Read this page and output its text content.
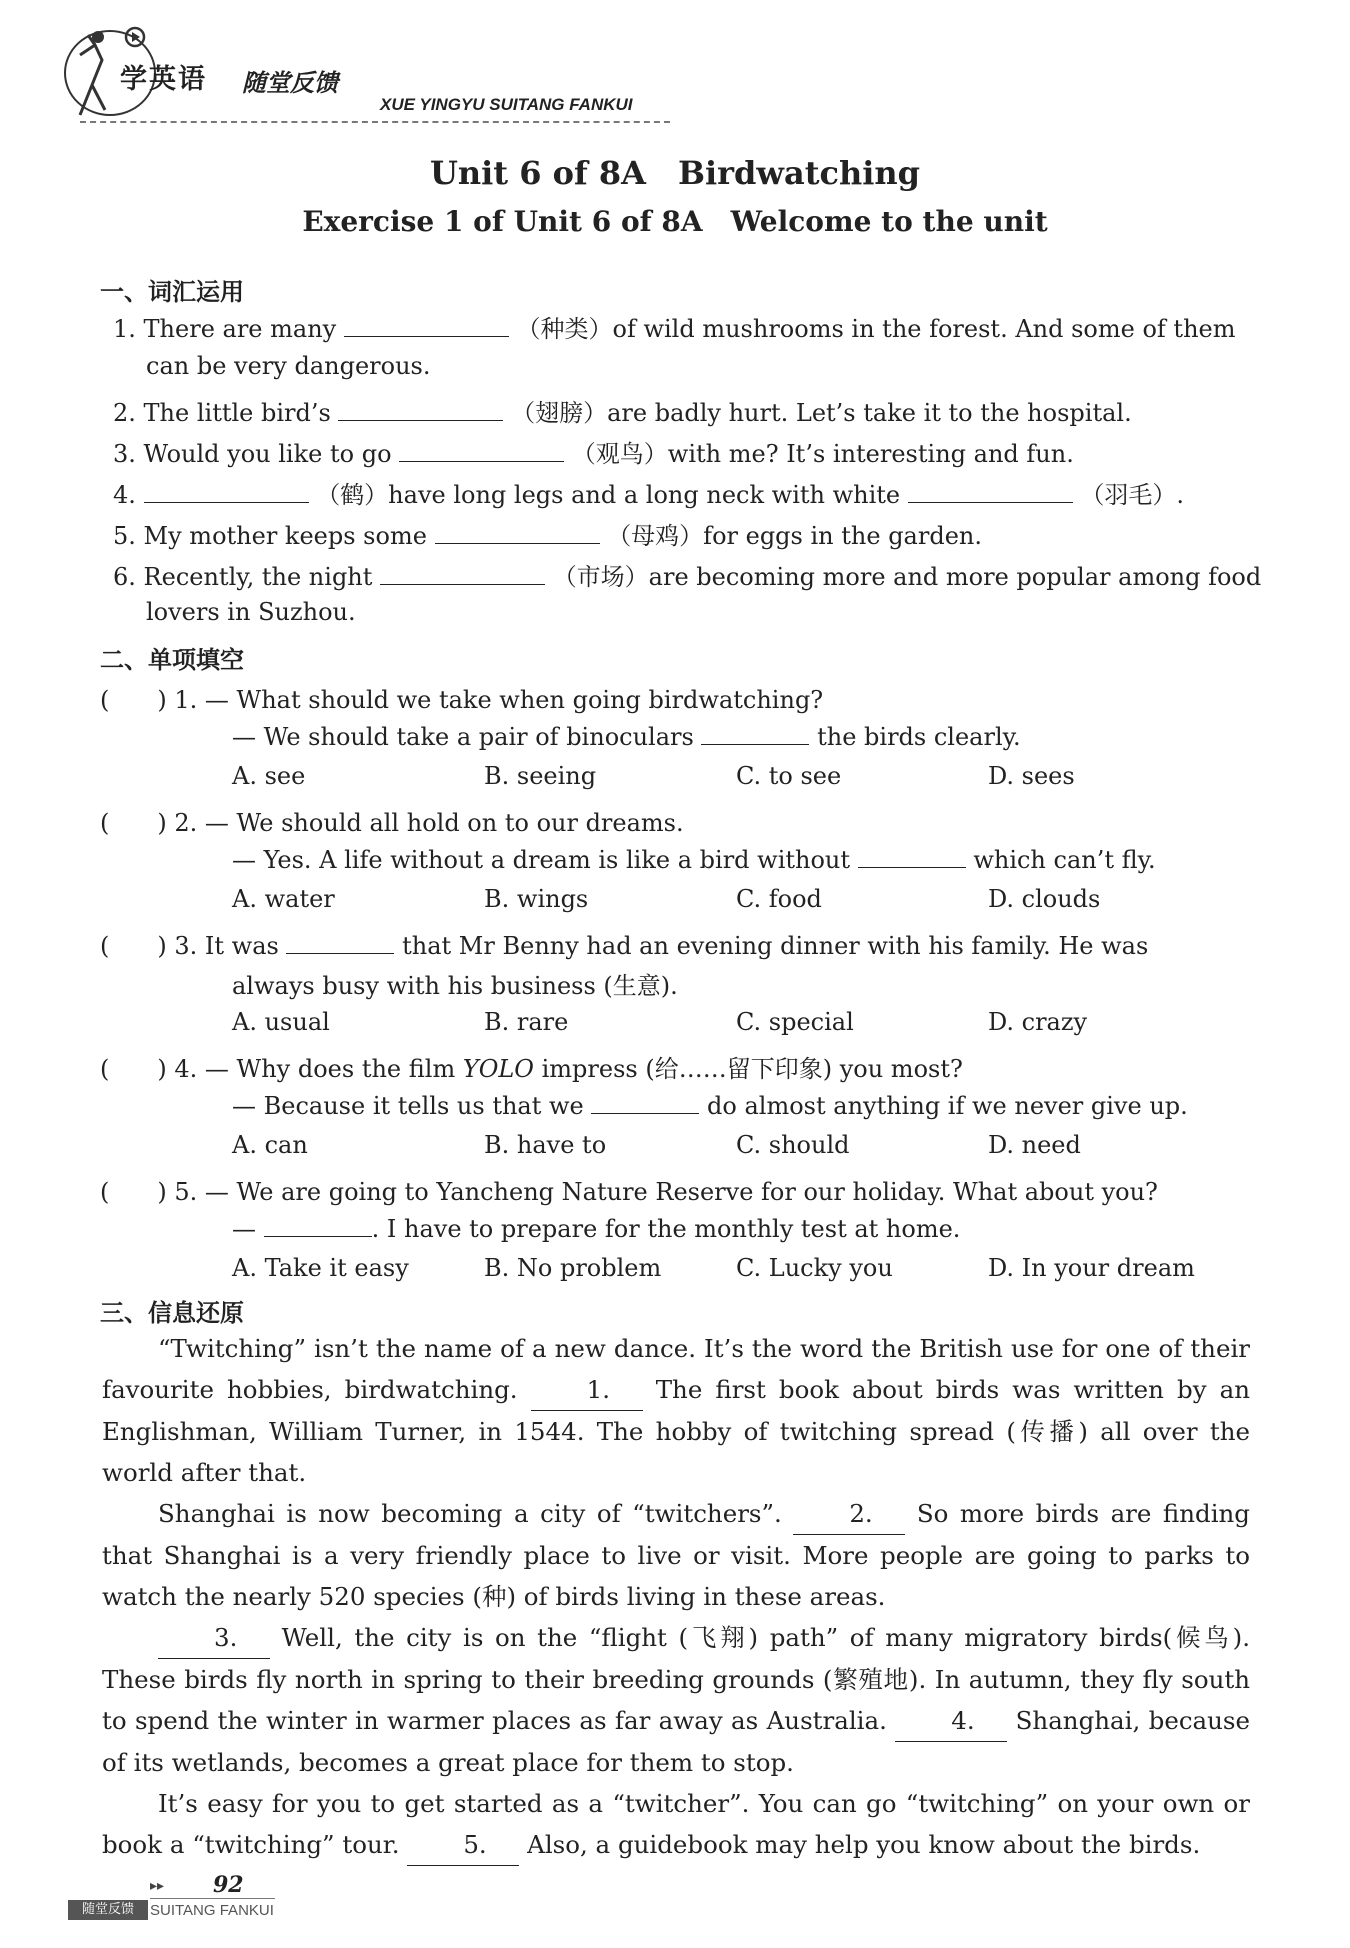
学英语 随堂反馈
XUE YINGYU SUITANG FANKUI
Unit 6 of 8A　Birdwatching
Exercise 1 of Unit 6 of 8A　Welcome to the unit
一、词汇运用
1. There are many	（种类）of wild mushrooms in the forest. And some of them
can be very dangerous.
2. The little bird’s	（翅膀）are badly hurt. Let’s take it to the hospital.
3. Would you like to go	（观鸟）with me? It’s interesting and fun.
4.	（鹤）have long legs and a long neck with white	（羽毛）.
5. My mother keeps some	（母鸡）for eggs in the garden.
6. Recently, the night	（市场）are becoming more and more popular among food
lovers in Suzhou.
二、单项填空
(　　) 1. — What should we take when going birdwatching?
— We should take a pair of binoculars	the birds clearly.
A. see	B. seeing	C. to see	D. sees
(　　) 2. — We should all hold on to our dreams.
— Yes. A life without a dream is like a bird without	which can’t fly.
A. water	B. wings	C. food	D. clouds
(　　) 3. It was	that Mr Benny had an evening dinner with his family. He was
always busy with his business (生意).
A. usual	B. rare	C. special	D. crazy
(　　) 4. — Why does the film YOLO impress (给……留下印象) you most?
— Because it tells us that we	do almost anything if we never give up.
A. can	B. have to	C. should	D. need
(　　) 5. — We are going to Yancheng Nature Reserve for our holiday. What about you?
—	. I have to prepare for the monthly test at home.
A. Take it easy	B. No problem	C. Lucky you	D. In your dream
三、信息还原

“Twitching” isn’t the name of a new dance. It’s the word the British use for one of their favourite hobbies, birdwatching.	1. The first book about birds was written by an Englishman, William Turner, in 1544. The hobby of twitching spread (传播) all over the world after that.

Shanghai is now becoming a city of “twitchers”.	2. So more birds are finding that Shanghai is a very friendly place to live or visit. More people are going to parks to watch the nearly 520 species (种) of birds living in these areas.

3. Well, the city is on the “flight (飞翔) path” of many migratory birds(候鸟). These birds fly north in spring to their breeding grounds (繁殖地). In autumn, they fly south to spend the winter in warmer places as far away as Australia.	4. Shanghai, because of its wetlands, becomes a great place for them to stop.

It’s easy for you to get started as a “twitcher”. You can go “twitching” on your own or book a “twitching” tour.	5. Also, a guidebook may help you know about the birds.

▸▸ 92
随堂反馈	SUITANG FANKUI
